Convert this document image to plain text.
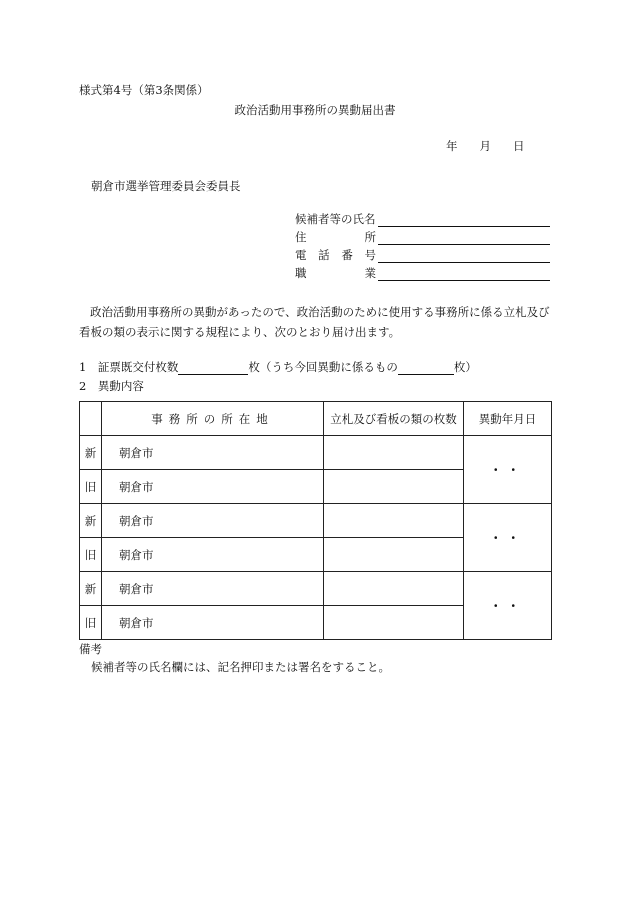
様式第4号（第3条関係）
政治活動用事務所の異動届出書
年 月 日
朝倉市選挙管理委員会委員長
候補者等の氏名
住	所
電 話 番 号
職	業
政治活動用事務所の異動があったので、政治活動のために使用する事務所に係る立札及び看板の類の表示に関する規程により、次のとおり届け出ます。
1　証票既交付枚数	枚（うち今回異動に係るもの	枚）
2　異動内容
	事務所の所在地	立札及び看板の類の枚数	異動年月日
新	朝倉市		・・
旧	朝倉市		
新	朝倉市		・・
旧	朝倉市		
新	朝倉市		・・
旧	朝倉市		
備考
候補者等の氏名欄には、記名押印または署名をすること。
